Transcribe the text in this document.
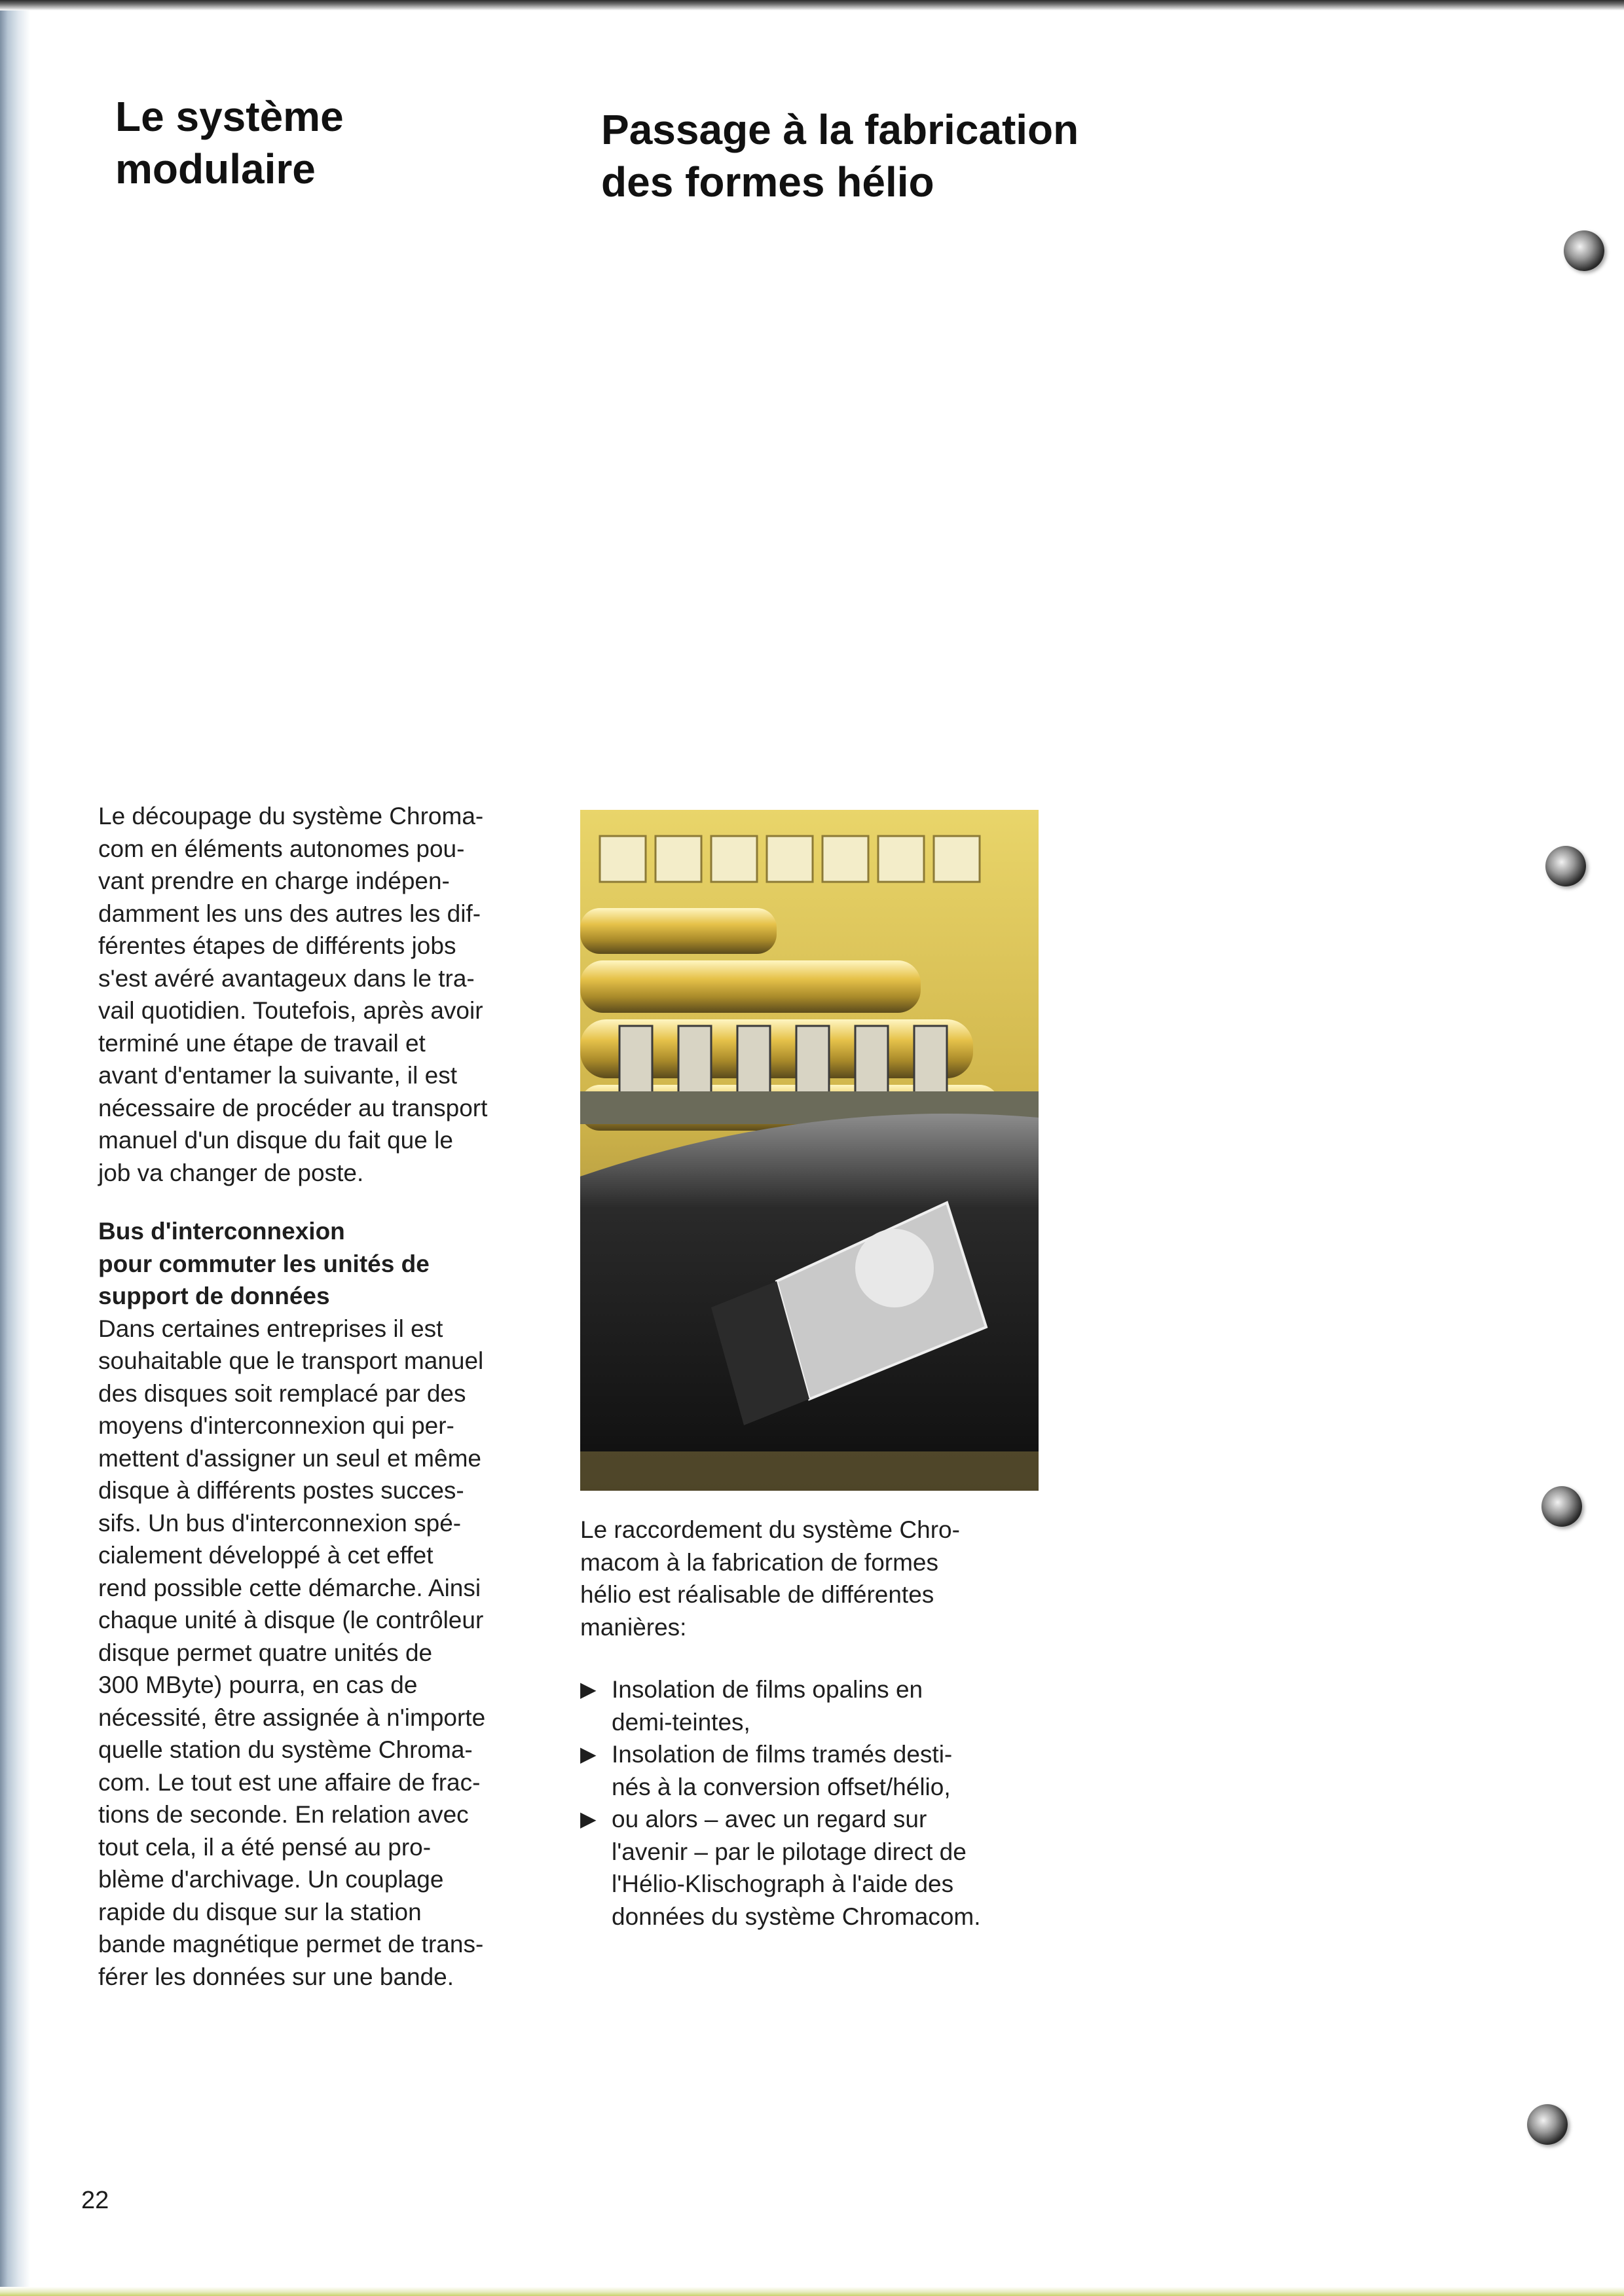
Le système
modulaire
Passage à la fabrication
des formes hélio

Le découpage du système Chroma-
com en éléments autonomes pou-
vant prendre en charge indépen-
damment les uns des autres les dif-
férentes étapes de différents jobs
s'est avéré avantageux dans le tra-
vail quotidien. Toutefois, après avoir
terminé une étape de travail et
avant d'entamer la suivante, il est
nécessaire de procéder au transport
manuel d'un disque du fait que le
job va changer de poste.

Bus d'interconnexion
pour commuter les unités de
support de données

Dans certaines entreprises il est
souhaitable que le transport manuel
des disques soit remplacé par des
moyens d'interconnexion qui per-
mettent d'assigner un seul et même
disque à différents postes succes-
sifs. Un bus d'interconnexion spé-
cialement développé à cet effet
rend possible cette démarche. Ainsi
chaque unité à disque (le contrôleur
disque permet quatre unités de
300 MByte) pourra, en cas de
nécessité, être assignée à n'importe
quelle station du système Chroma-
com. Le tout est une affaire de frac-
tions de seconde. En relation avec
tout cela, il a été pensé au pro-
blème d'archivage. Un couplage
rapide du disque sur la station
bande magnétique permet de trans-
férer les données sur une bande.

Le raccordement du système Chro-
macom à la fabrication de formes
hélio est réalisable de différentes
manières:

▶ Insolation de films opalins en
demi-teintes,
▶ Insolation de films tramés desti-
nés à la conversion offset/hélio,
▶ ou alors – avec un regard sur
l'avenir – par le pilotage direct de
l'Hélio-Klischograph à l'aide des
données du système Chromacom.
22
